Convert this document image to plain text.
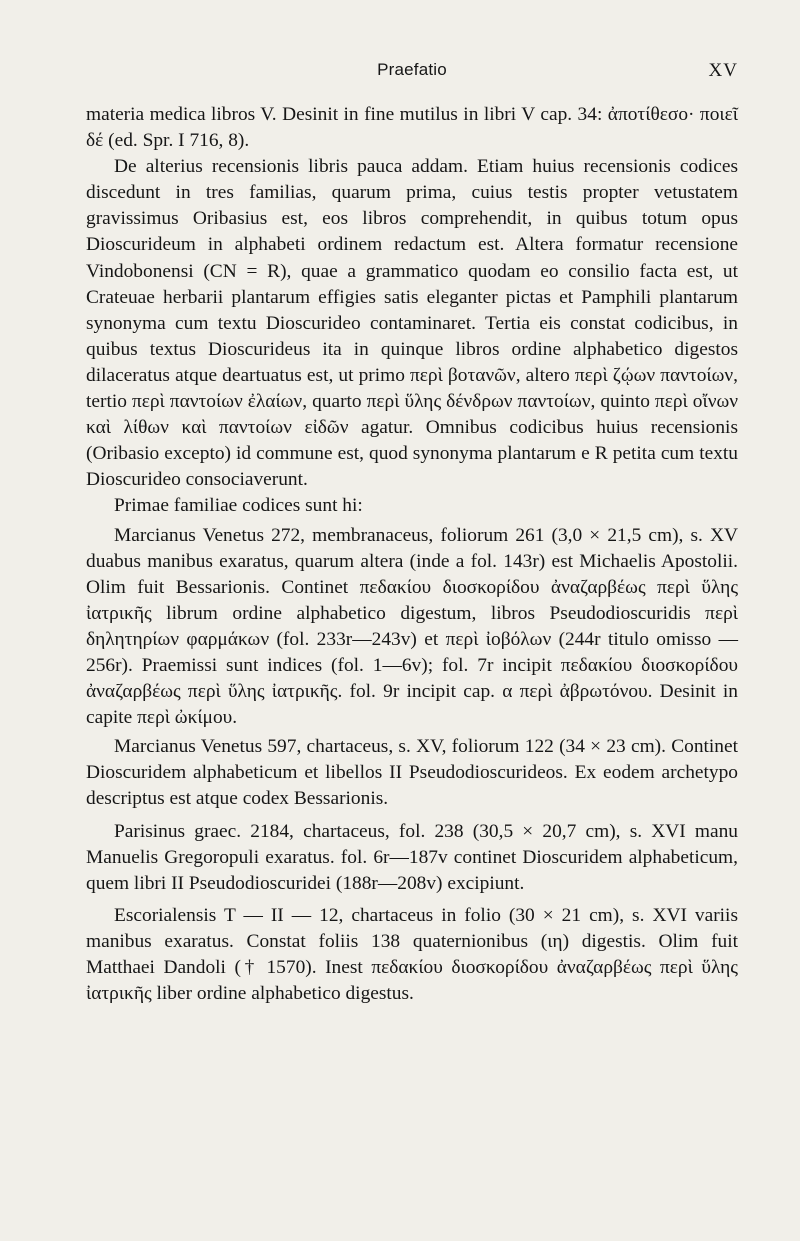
Praefatio	XV

materia medica libros V. Desinit in fine mutilus in libri V cap. 34: ἀποτίθεσο· ποιεῖ δέ (ed. Spr. I 716, 8).

De alterius recensionis libris pauca addam. Etiam huius recensionis codices discedunt in tres familias, quarum prima, cuius testis propter vetustatem gravissimus Oribasius est, eos libros comprehendit, in quibus totum opus Dioscurideum in alphabeti ordinem redactum est. Altera formatur recensione Vindobonensi (CN = R), quae a grammatico quodam eo consilio facta est, ut Crateuae herbarii plantarum effigies satis eleganter pictas et Pamphili plantarum synonyma cum textu Dioscurideo contaminaret. Tertia eis constat codicibus, in quibus textus Dioscurideus ita in quinque libros ordine alphabetico digestos dilaceratus atque deartuatus est, ut primo περὶ βοτανῶν, altero περὶ ζῴων παντοίων, tertio περὶ παντοίων ἐλαίων, quarto περὶ ὕλης δένδρων παντοίων, quinto περὶ οἴνων καὶ λίθων καὶ παντοίων εἰδῶν agatur. Omnibus codicibus huius recensionis (Oribasio excepto) id commune est, quod synonyma plantarum e R petita cum textu Dioscurideo consociaverunt.

Primae familiae codices sunt hi:

Marcianus Venetus 272, membranaceus, foliorum 261 (3,0 × 21,5 cm), s. XV duabus manibus exaratus, quarum altera (inde a fol. 143r) est Michaelis Apostolii. Olim fuit Bessarionis. Continet πεδακίου διοσκορίδου ἀναζαρβέως περὶ ὕλης ἰατρικῆς librum ordine alphabetico digestum, libros Pseudodioscuridis περὶ δηλητηρίων φαρμάκων (fol. 233r—243v) et περὶ ἰοβόλων (244r titulo omisso — 256r). Praemissi sunt indices (fol. 1—6v); fol. 7r incipit πεδακίου διοσκορίδου ἀναζαρβέως περὶ ὕλης ἰατρικῆς. fol. 9r incipit cap. α περὶ ἀβρωτόνου. Desinit in capite περὶ ὠκίμου.

Marcianus Venetus 597, chartaceus, s. XV, foliorum 122 (34 × 23 cm). Continet Dioscuridem alphabeticum et libellos II Pseudodioscurideos. Ex eodem archetypo descriptus est atque codex Bessarionis.

Parisinus graec. 2184, chartaceus, fol. 238 (30,5 × 20,7 cm), s. XVI manu Manuelis Gregoropuli exaratus. fol. 6r—187v continet Dioscuridem alphabeticum, quem libri II Pseudodioscuridei (188r—208v) excipiunt.

Escorialensis T — II — 12, chartaceus in folio (30 × 21 cm), s. XVI variis manibus exaratus. Constat foliis 138 quaternionibus (ιη) digestis. Olim fuit Matthaei Dandoli († 1570). Inest πεδακίου διοσκορίδου ἀναζαρβέως περὶ ὕλης ἰατρικῆς liber ordine alphabetico digestus.
